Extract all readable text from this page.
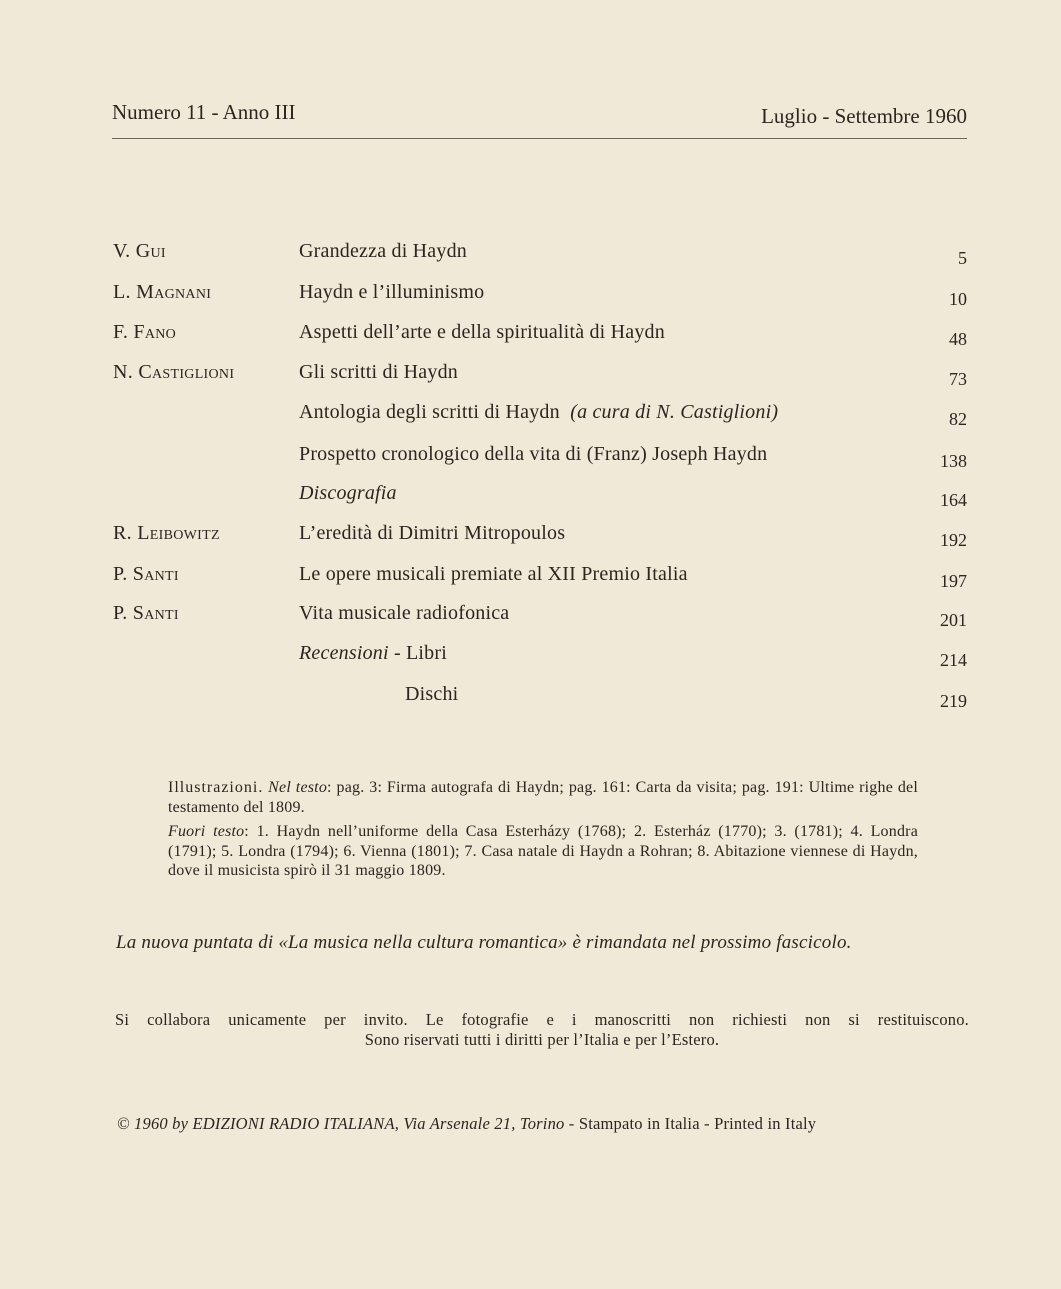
Numero 11 - Anno III	Luglio - Settembre 1960
V. Gui	Grandezza di Haydn	5
L. Magnani	Haydn e l’illuminismo	10
F. Fano	Aspetti dell’arte e della spiritualità di Haydn	48
N. Castiglioni	Gli scritti di Haydn	73
Antologia degli scritti di Haydn (a cura di N. Castiglioni)	82
Prospetto cronologico della vita di (Franz) Joseph Haydn	138
Discografia	164
R. Leibowitz	L’eredità di Dimitri Mitropoulos	192
P. Santi	Le opere musicali premiate al XII Premio Italia	197
P. Santi	Vita musicale radiofonica	201
Recensioni - Libri	214
Dischi	219

Illustrazioni. Nel testo: pag. 3: Firma autografa di Haydn; pag. 161: Carta da visita; pag. 191: Ultime righe del testamento del 1809.

Fuori testo: 1. Haydn nell’uniforme della Casa Esterházy (1768); 2. Esterház (1770); 3. (1781); 4. Londra (1791); 5. Londra (1794); 6. Vienna (1801); 7. Casa natale di Haydn a Rohran; 8. Abitazione viennese di Haydn, dove il musicista spirò il 31 maggio 1809.

La nuova puntata di «La musica nella cultura romantica» è rimandata nel prossimo fascicolo.
Si collabora unicamente per invito. Le fotografie e i manoscritti non richiesti non si restituiscono.
Sono riservati tutti i diritti per l’Italia e per l’Estero.
© 1960 by EDIZIONI RADIO ITALIANA, Via Arsenale 21, Torino - Stampato in Italia - Printed in Italy
